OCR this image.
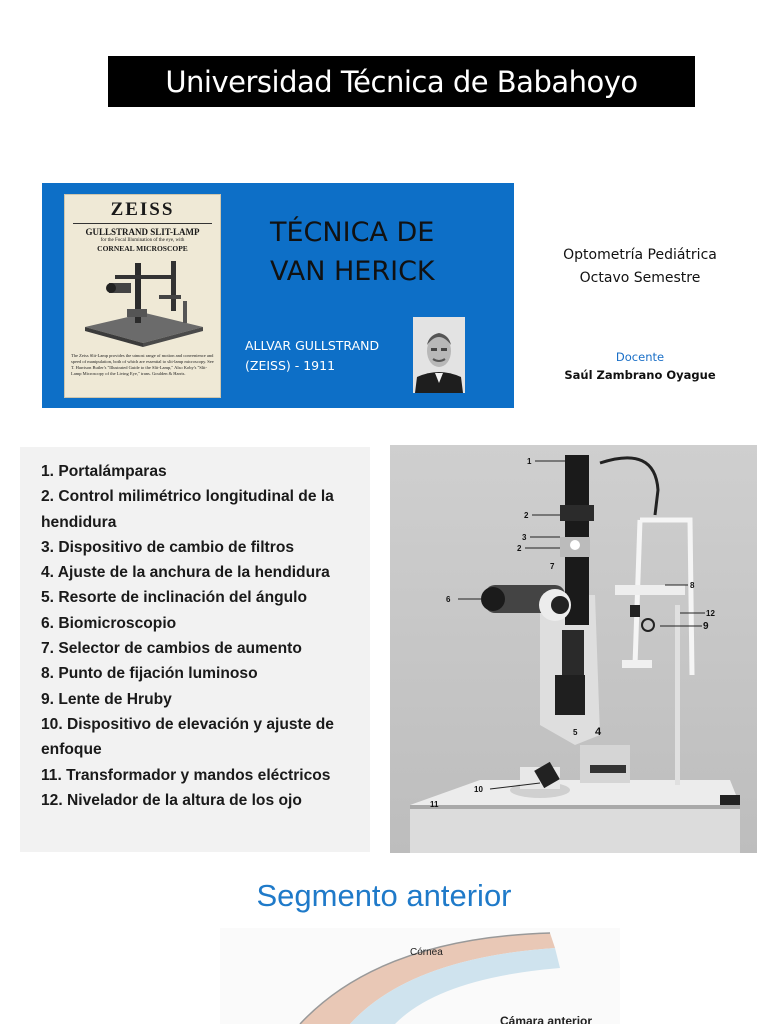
Universidad Técnica de Babahoyo
ZEISS
GULLSTRAND SLIT-LAMP
for the Focal Illumination of the eye, with
CORNEAL MICROSCOPE
The Zeiss Slit-Lamp provides the utmost range of motion and convenience and speed of manipulation, both of which are essential to slit-lamp microscopy. See T. Harrison Butler's "Illustrated Guide to the Slit-Lamp," Also Koby's "Slit-Lamp Microscopy of the Living Eye," trans. Goulden & Harris.
TÉCNICA DE
VAN HERICK
ALLVAR GULLSTRAND
(ZEISS) - 1911
Optometría Pediátrica
Octavo Semestre
Docente
Saúl Zambrano Oyague
1. Portalámparas
2. Control milimétrico longitudinal de la hendidura
3. Dispositivo de cambio de filtros
4. Ajuste de la anchura de la hendidura
5. Resorte de inclinación del ángulo
6. Biomicroscopio
7. Selector de cambios de aumento
8. Punto de fijación luminoso
9. Lente de Hruby
10. Dispositivo de elevación y ajuste de enfoque
11. Transformador y mandos eléctricos
12. Nivelador de la altura de los ojo
1
2
3
2
7
6
8
12
9
5 4
10
11
Segmento anterior
Córnea
Cámara anterior
